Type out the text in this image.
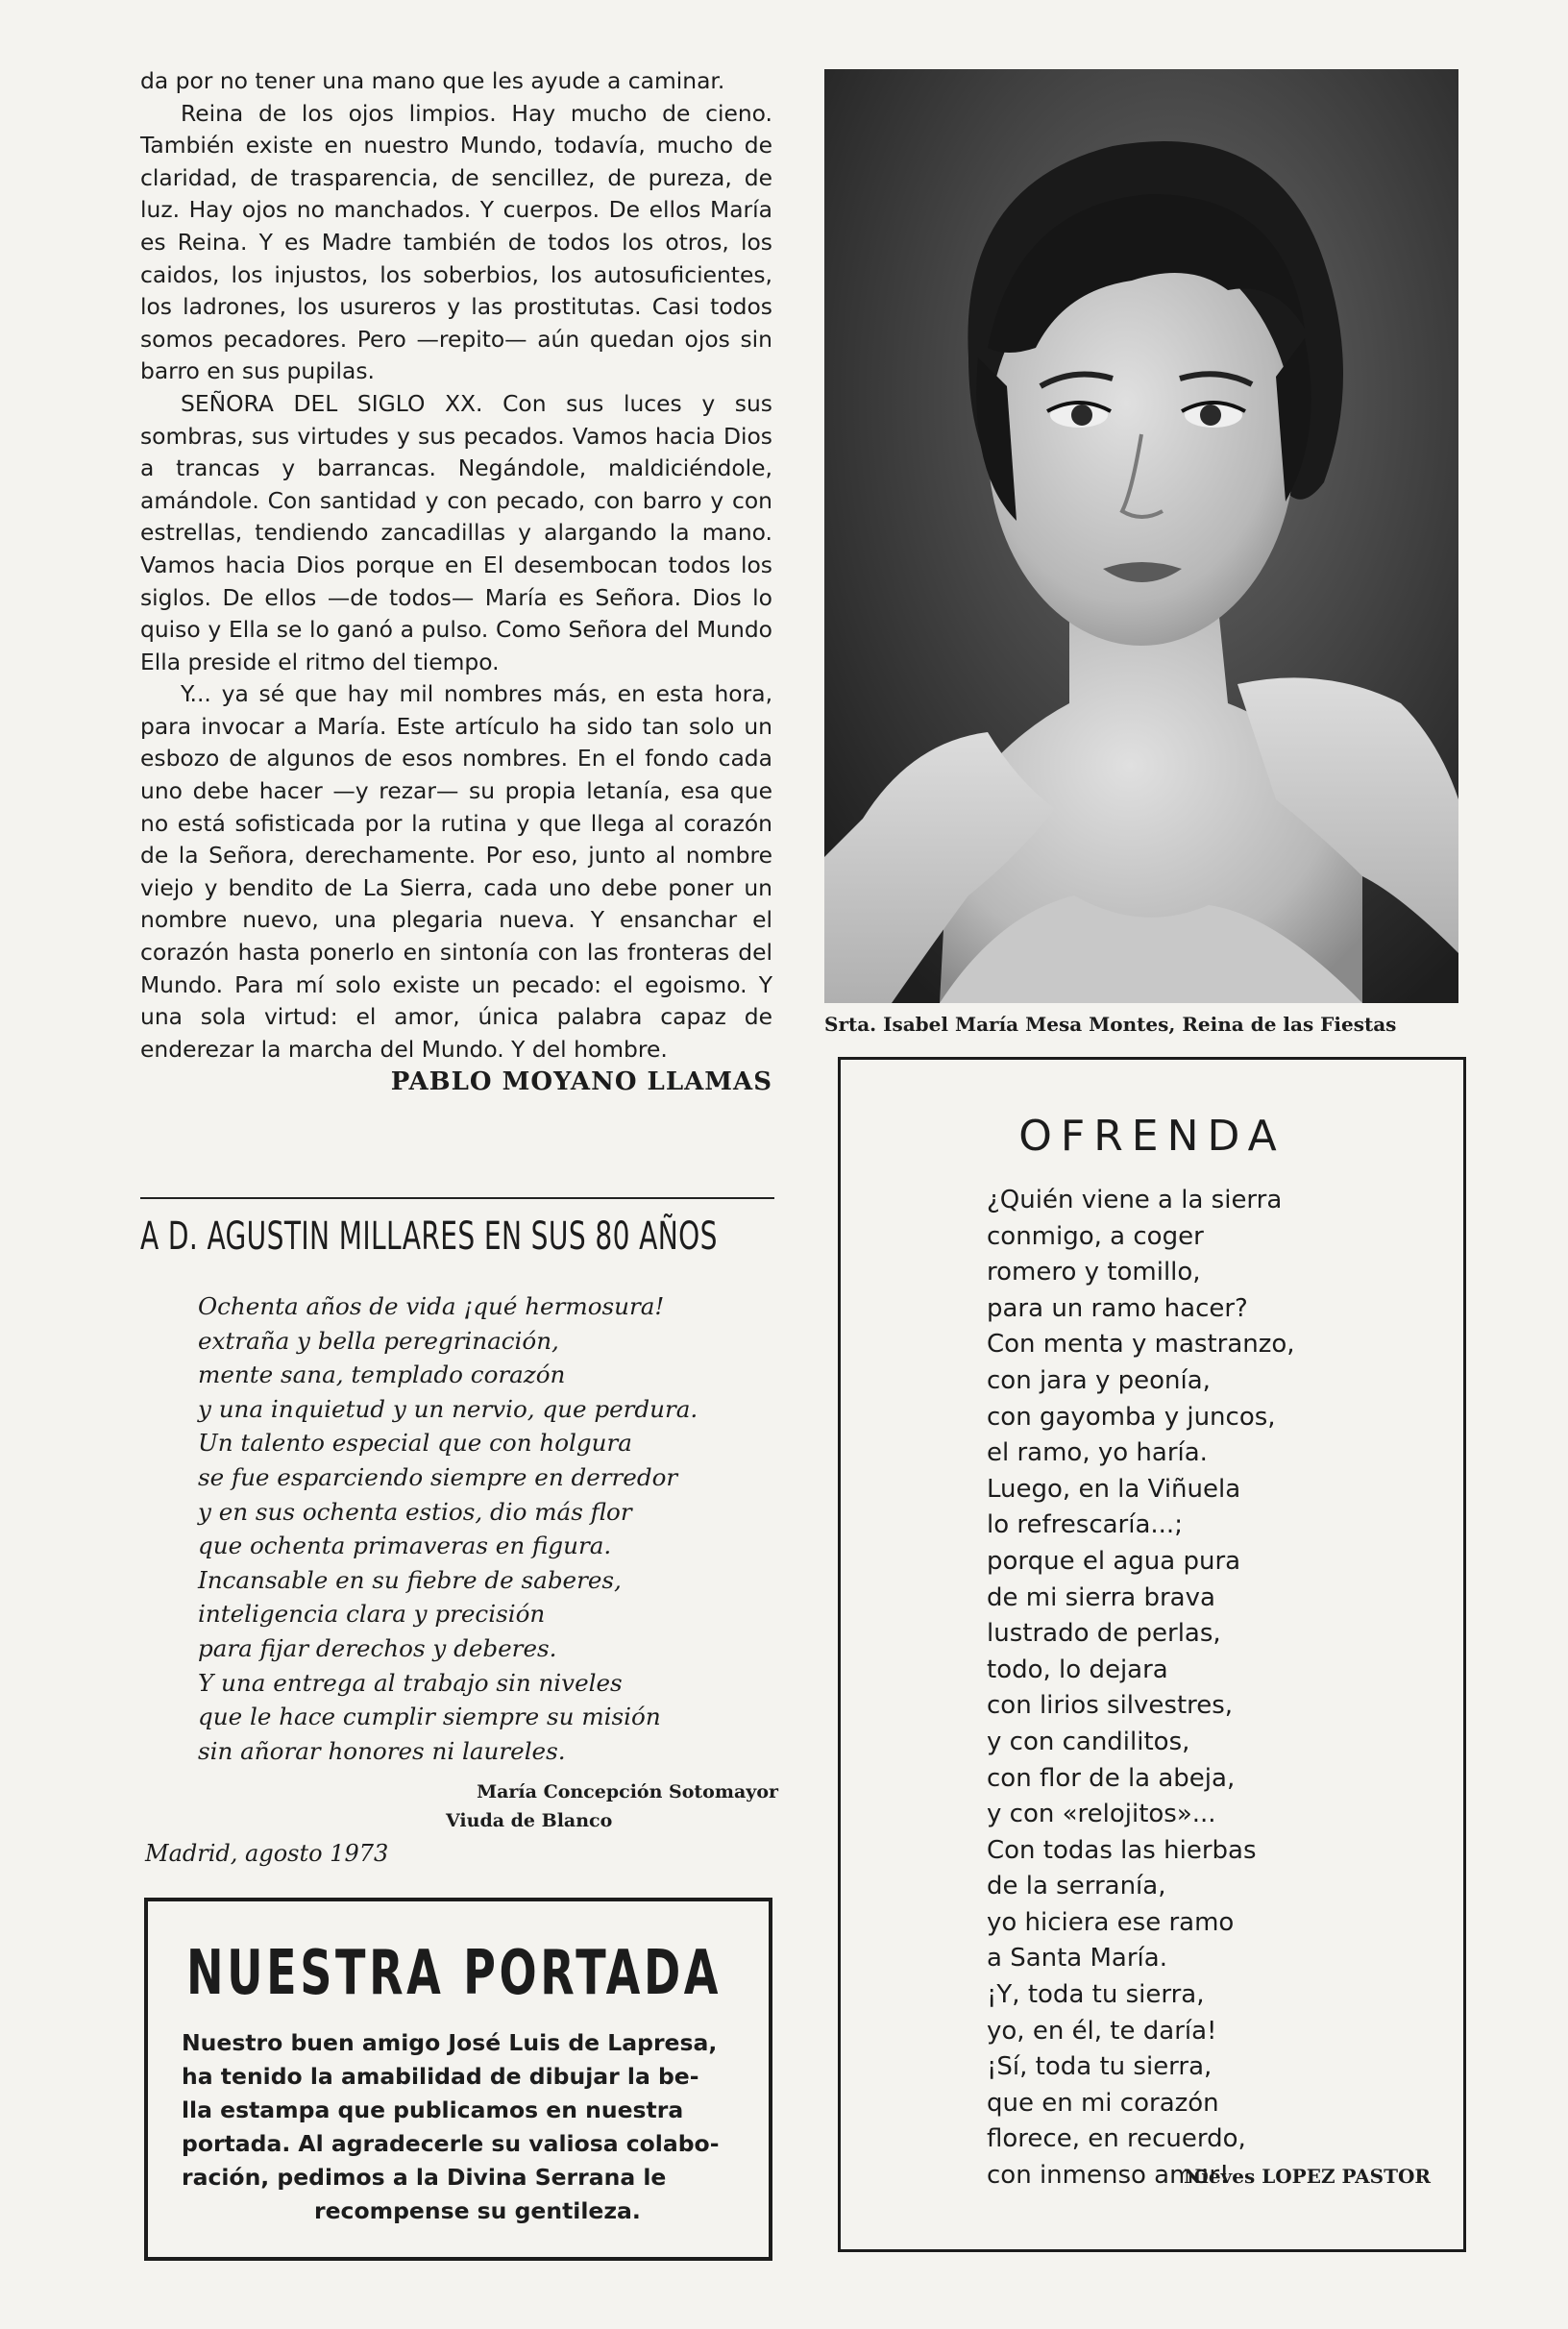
da por no tener una mano que les ayude a caminar.

Reina de los ojos limpios. Hay mucho de cieno. También existe en nuestro Mundo, todavía, mucho de claridad, de trasparencia, de sencillez, de pureza, de luz. Hay ojos no manchados. Y cuerpos. De ellos María es Reina. Y es Madre también de todos los otros, los caidos, los injustos, los soberbios, los autosuficientes, los ladrones, los usureros y las prostitutas. Casi todos somos pecadores. Pero —repito— aún quedan ojos sin barro en sus pupilas.

SEÑORA DEL SIGLO XX. Con sus luces y sus sombras, sus virtudes y sus pecados. Vamos hacia Dios a trancas y barrancas. Negándole, maldiciéndole, amándole. Con santidad y con pecado, con barro y con estrellas, tendiendo zancadillas y alargando la mano. Vamos hacia Dios porque en El desembocan todos los siglos. De ellos —de todos— María es Señora. Dios lo quiso y Ella se lo ganó a pulso. Como Señora del Mundo Ella preside el ritmo del tiempo.

Y... ya sé que hay mil nombres más, en esta hora, para invocar a María. Este artículo ha sido tan solo un esbozo de algunos de esos nombres. En el fondo cada uno debe hacer —y rezar— su propia letanía, esa que no está sofisticada por la rutina y que llega al corazón de la Señora, derechamente. Por eso, junto al nombre viejo y bendito de La Sierra, cada uno debe poner un nombre nuevo, una plegaria nueva. Y ensanchar el corazón hasta ponerlo en sintonía con las fronteras del Mundo. Para mí solo existe un pecado: el egoismo. Y una sola virtud: el amor, única palabra capaz de enderezar la marcha del Mundo. Y del hombre.

PABLO MOYANO LLAMAS
A D. AGUSTIN MILLARES EN SUS 80 AÑOS
Ochenta años de vida ¡qué hermosura!
extraña y bella peregrinación,
mente sana, templado corazón
y una inquietud y un nervio, que perdura.
Un talento especial que con holgura
se fue esparciendo siempre en derredor
y en sus ochenta estios, dio más flor
que ochenta primaveras en figura.
Incansable en su fiebre de saberes,
inteligencia clara y precisión
para fijar derechos y deberes.
Y una entrega al trabajo sin niveles
que le hace cumplir siempre su misión
sin añorar honores ni laureles.
María Concepción Sotomayor
Viuda de Blanco
Madrid, agosto 1973
NUESTRA PORTADA
Nuestro buen amigo José Luis de Lapresa,
ha tenido la amabilidad de dibujar la be-
lla estampa que publicamos en nuestra
portada. Al agradecerle su valiosa colabo-
ración, pedimos a la Divina Serrana le
recompense su gentileza.
Srta. Isabel María Mesa Montes, Reina de las Fiestas
OFRENDA
¿Quién viene a la sierra
conmigo, a coger
romero y tomillo,
para un ramo hacer?
Con menta y mastranzo,
con jara y peonía,
con gayomba y juncos,
el ramo, yo haría.
Luego, en la Viñuela
lo refrescaría...;
porque el agua pura
de mi sierra brava
lustrado de perlas,
todo, lo dejara
con lirios silvestres,
y con candilitos,
con flor de la abeja,
y con «relojitos»...
Con todas las hierbas
de la serranía,
yo hiciera ese ramo
a Santa María.
¡Y, toda tu sierra,
yo, en él, te daría!
¡Sí, toda tu sierra,
que en mi corazón
florece, en recuerdo,
con inmenso amor!
Nieves LOPEZ PASTOR
